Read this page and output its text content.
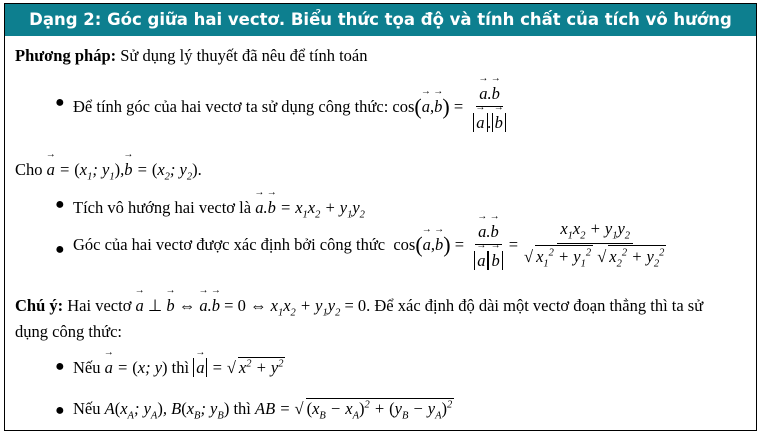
Dạng 2: Góc giữa hai vectơ. Biểu thức tọa độ và tính chất của tích vô hướng
Phương pháp: Sử dụng lý thuyết đã nêu để tính toán
● Để tính góc của hai vectơ ta sử dụng công thức: cos(→ a,→ b) = → a.→ b
→ a . → b
Cho → $a = (x_1$; $y_1),\to b = (x_2$; $y_2$).
● Tích vô hướng hai vectơ là → $a.\to b = x_1x_2 + y_1y_2$
● Góc của hai vectơ được xác định bởi công thức  cos(→ a,→ b) = → a.→ b
→ $a \to b = \frac{x_1x_2 + y_1y_2}{√ x_1^2 + y_1^2 √ x_2^2 + y_2^2}$
Chú ý: Hai vectơ → a ⊥ → b ⇔ → a.→ b = 0 ⇔ $x_1x_2 + y_1y_2 = 0$. Để xác định độ dài một vectơ đoạn thẳng thì ta sử
dụng công thức:
● Nếu → a = (x; y) thì → a = √ $x^2 + y^2$
● Nếu $A(x_A$; $y_A$), $B(x_B$; $y_B$) thì AB = √ $(x_B - x_A)^2 + (y_B - y_A)^2$
